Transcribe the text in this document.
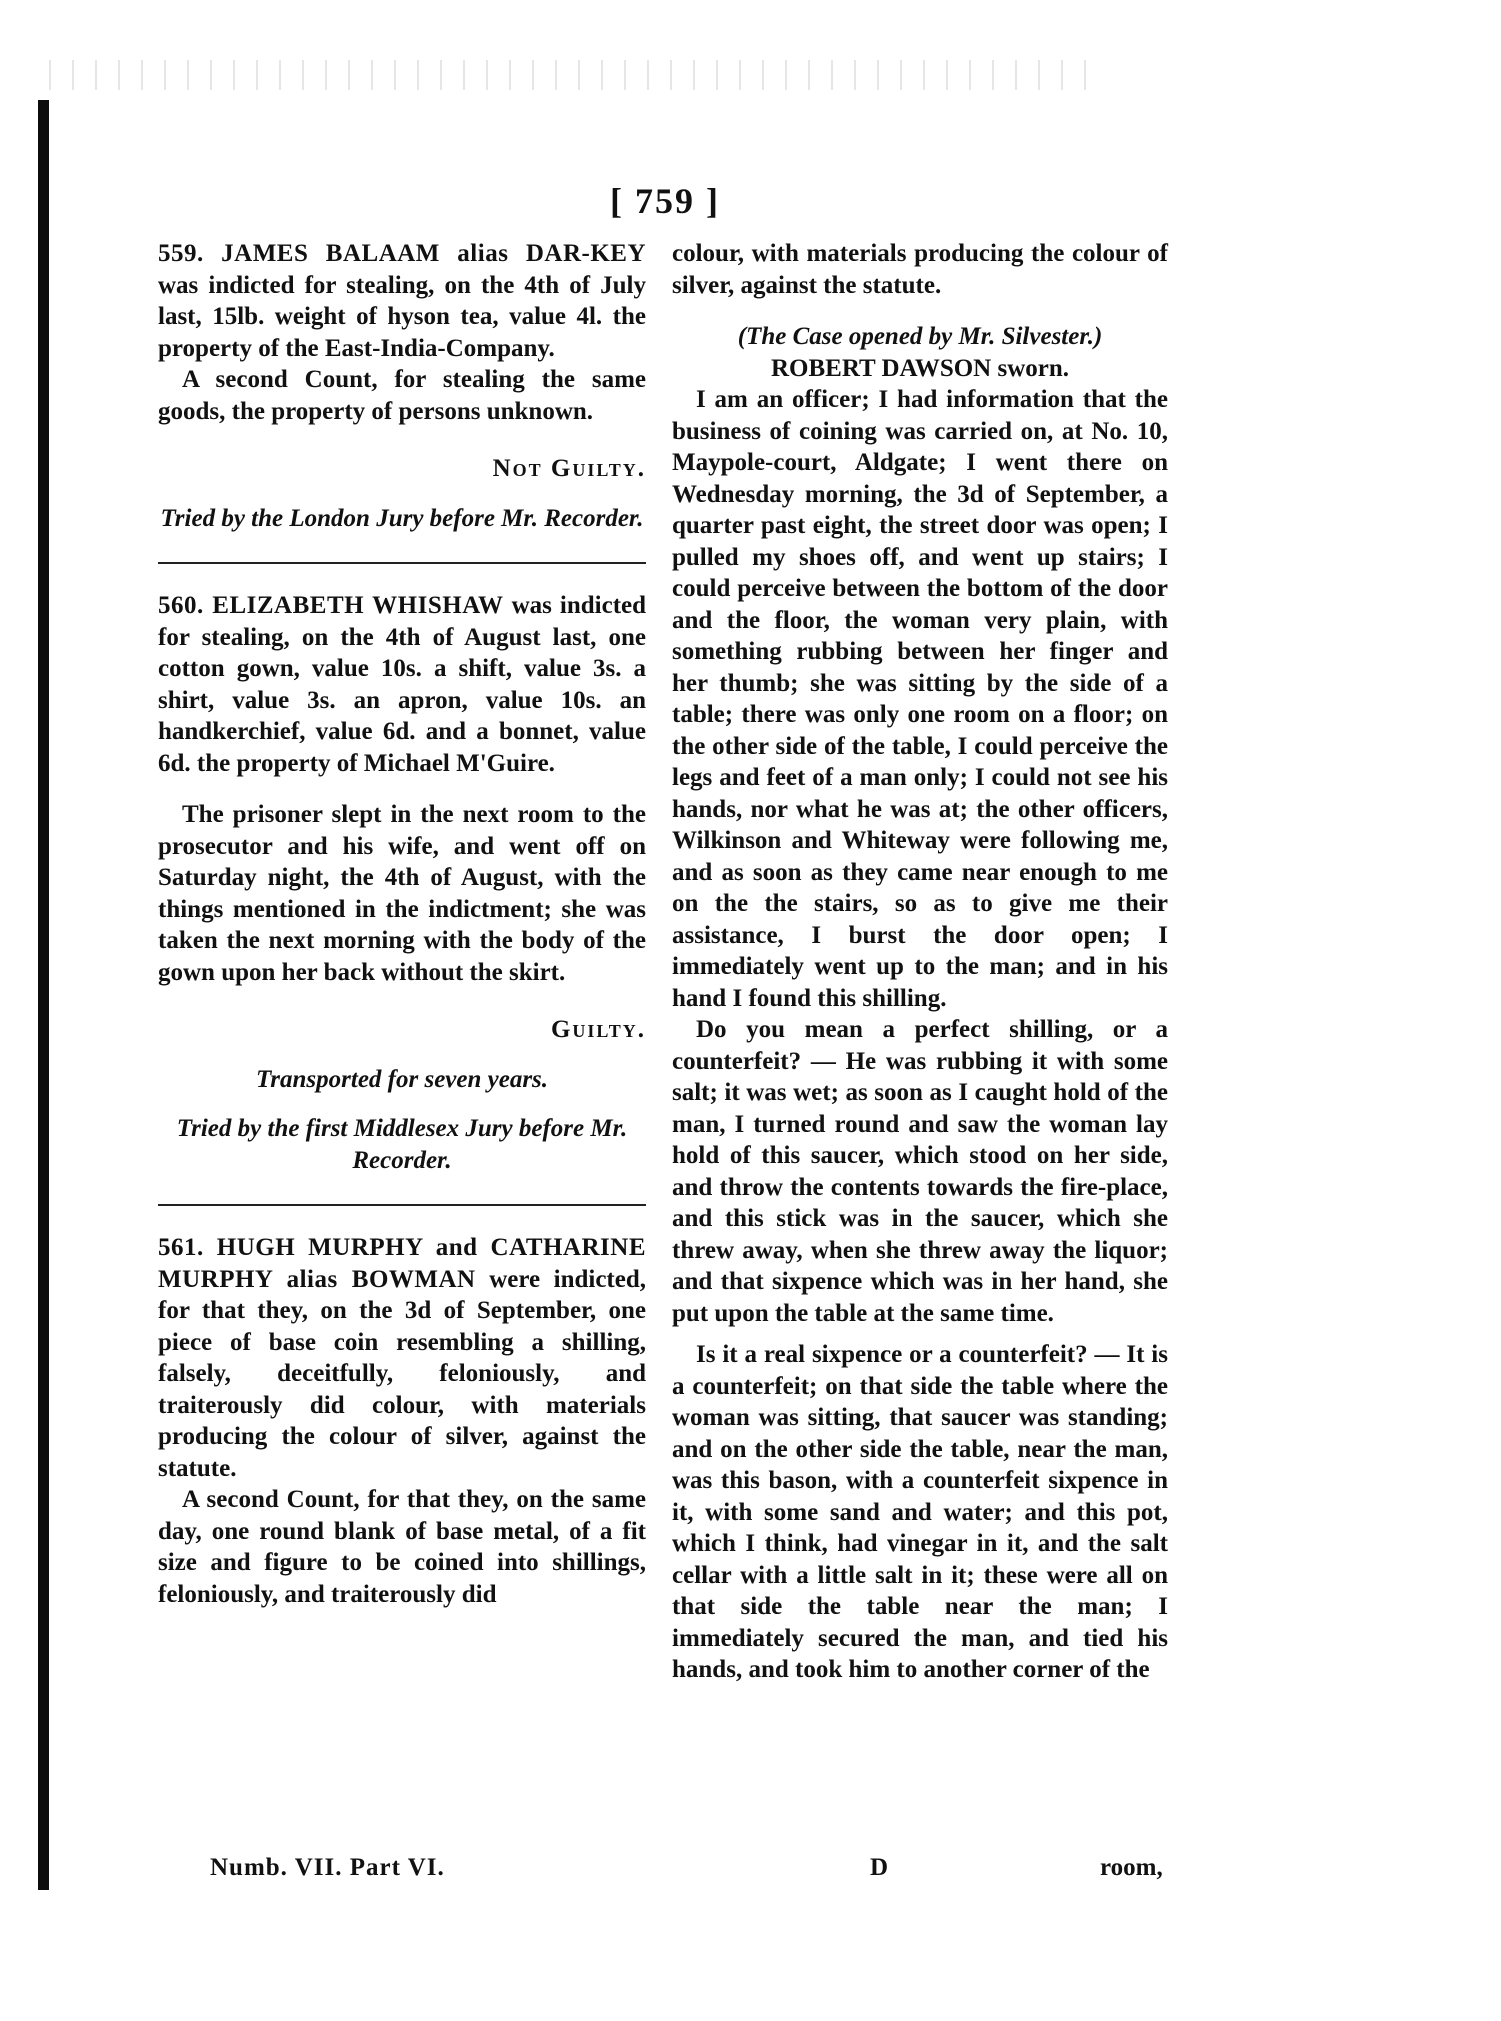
[ 759 ]

559. JAMES BALAAM alias DAR-KEY was indicted for stealing, on the 4th of July last, 15lb. weight of hyson tea, value 4l. the property of the East-India-Company.

A second Count, for stealing the same goods, the property of persons unknown.

Not Guilty.

Tried by the London Jury before Mr. Recorder.

560. ELIZABETH WHISHAW was indicted for stealing, on the 4th of August last, one cotton gown, value 10s. a shift, value 3s. a shirt, value 3s. an apron, value 10s. an handkerchief, value 6d. and a bonnet, value 6d. the property of Michael M'Guire.

The prisoner slept in the next room to the prosecutor and his wife, and went off on Saturday night, the 4th of August, with the things mentioned in the indictment; she was taken the next morning with the body of the gown upon her back without the skirt.

Guilty.

Transported for seven years.

Tried by the first Middlesex Jury before Mr. Recorder.

561. HUGH MURPHY and CATHARINE MURPHY alias BOWMAN were indicted, for that they, on the 3d of September, one piece of base coin resembling a shilling, falsely, deceitfully, feloniously, and traiterously did colour, with materials producing the colour of silver, against the statute.

A second Count, for that they, on the same day, one round blank of base metal, of a fit size and figure to be coined into shillings, feloniously, and traiterously did

colour, with materials producing the colour of silver, against the statute.

(The Case opened by Mr. Silvester.)

ROBERT DAWSON sworn.

I am an officer; I had information that the business of coining was carried on, at No. 10, Maypole-court, Aldgate; I went there on Wednesday morning, the 3d of September, a quarter past eight, the street door was open; I pulled my shoes off, and went up stairs; I could perceive between the bottom of the door and the floor, the woman very plain, with something rubbing between her finger and her thumb; she was sitting by the side of a table; there was only one room on a floor; on the other side of the table, I could perceive the legs and feet of a man only; I could not see his hands, nor what he was at; the other officers, Wilkinson and Whiteway were following me, and as soon as they came near enough to me on the the stairs, so as to give me their assistance, I burst the door open; I immediately went up to the man; and in his hand I found this shilling.

Do you mean a perfect shilling, or a counterfeit? — He was rubbing it with some salt; it was wet; as soon as I caught hold of the man, I turned round and saw the woman lay hold of this saucer, which stood on her side, and throw the contents towards the fire-place, and this stick was in the saucer, which she threw away, when she threw away the liquor; and that sixpence which was in her hand, she put upon the table at the same time.

Is it a real sixpence or a counterfeit? — It is a counterfeit; on that side the table where the woman was sitting, that saucer was standing; and on the other side the table, near the man, was this bason, with a counterfeit sixpence in it, with some sand and water; and this pot, which I think, had vinegar in it, and the salt cellar with a little salt in it; these were all on that side the table near the man; I immediately secured the man, and tied his hands, and took him to another corner of the

Numb. VII. Part VI.	D	room,
